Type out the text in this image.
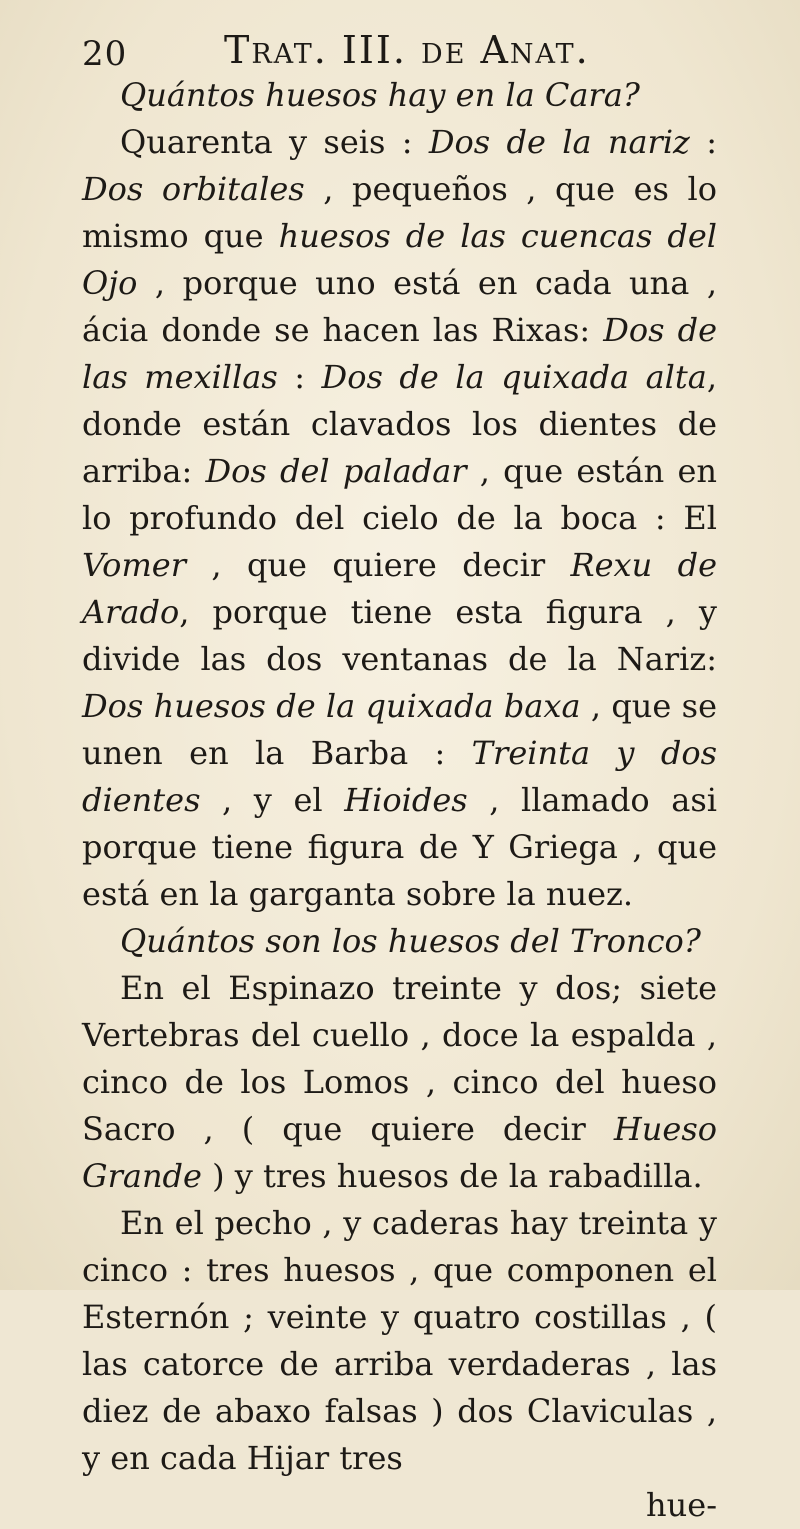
20	Trat. III. de Anat.

Quántos huesos hay en la Cara?

Quarenta y seis : Dos de la nariz : Dos orbitales , pequeños , que es lo mismo que huesos de las cuencas del Ojo , porque uno está en cada una , ácia donde se hacen las Rixas: Dos de las mexillas : Dos de la quixada alta, donde están clavados los dientes de arriba: Dos del paladar , que están en lo profundo del cielo de la boca : El Vomer , que quiere decir Rexu de Arado, porque tiene esta figura , y divide las dos ventanas de la Nariz: Dos huesos de la quixada baxa , que se unen en la Barba : Treinta y dos dientes , y el Hioides , llamado asi porque tiene figura de Y Griega , que está en la garganta sobre la nuez.

Quántos son los huesos del Tronco?

En el Espinazo treinte y dos; siete Vertebras del cuello , doce la espalda , cinco de los Lomos , cinco del hueso Sacro , ( que quiere decir Hueso Grande ) y tres huesos de la rabadilla.

En el pecho , y caderas hay treinta y cinco : tres huesos , que componen el Esternón ; veinte y quatro costillas , ( las catorce de arriba verdaderas , las diez de abaxo falsas ) dos Claviculas , y en cada Hijar tres

hue-
